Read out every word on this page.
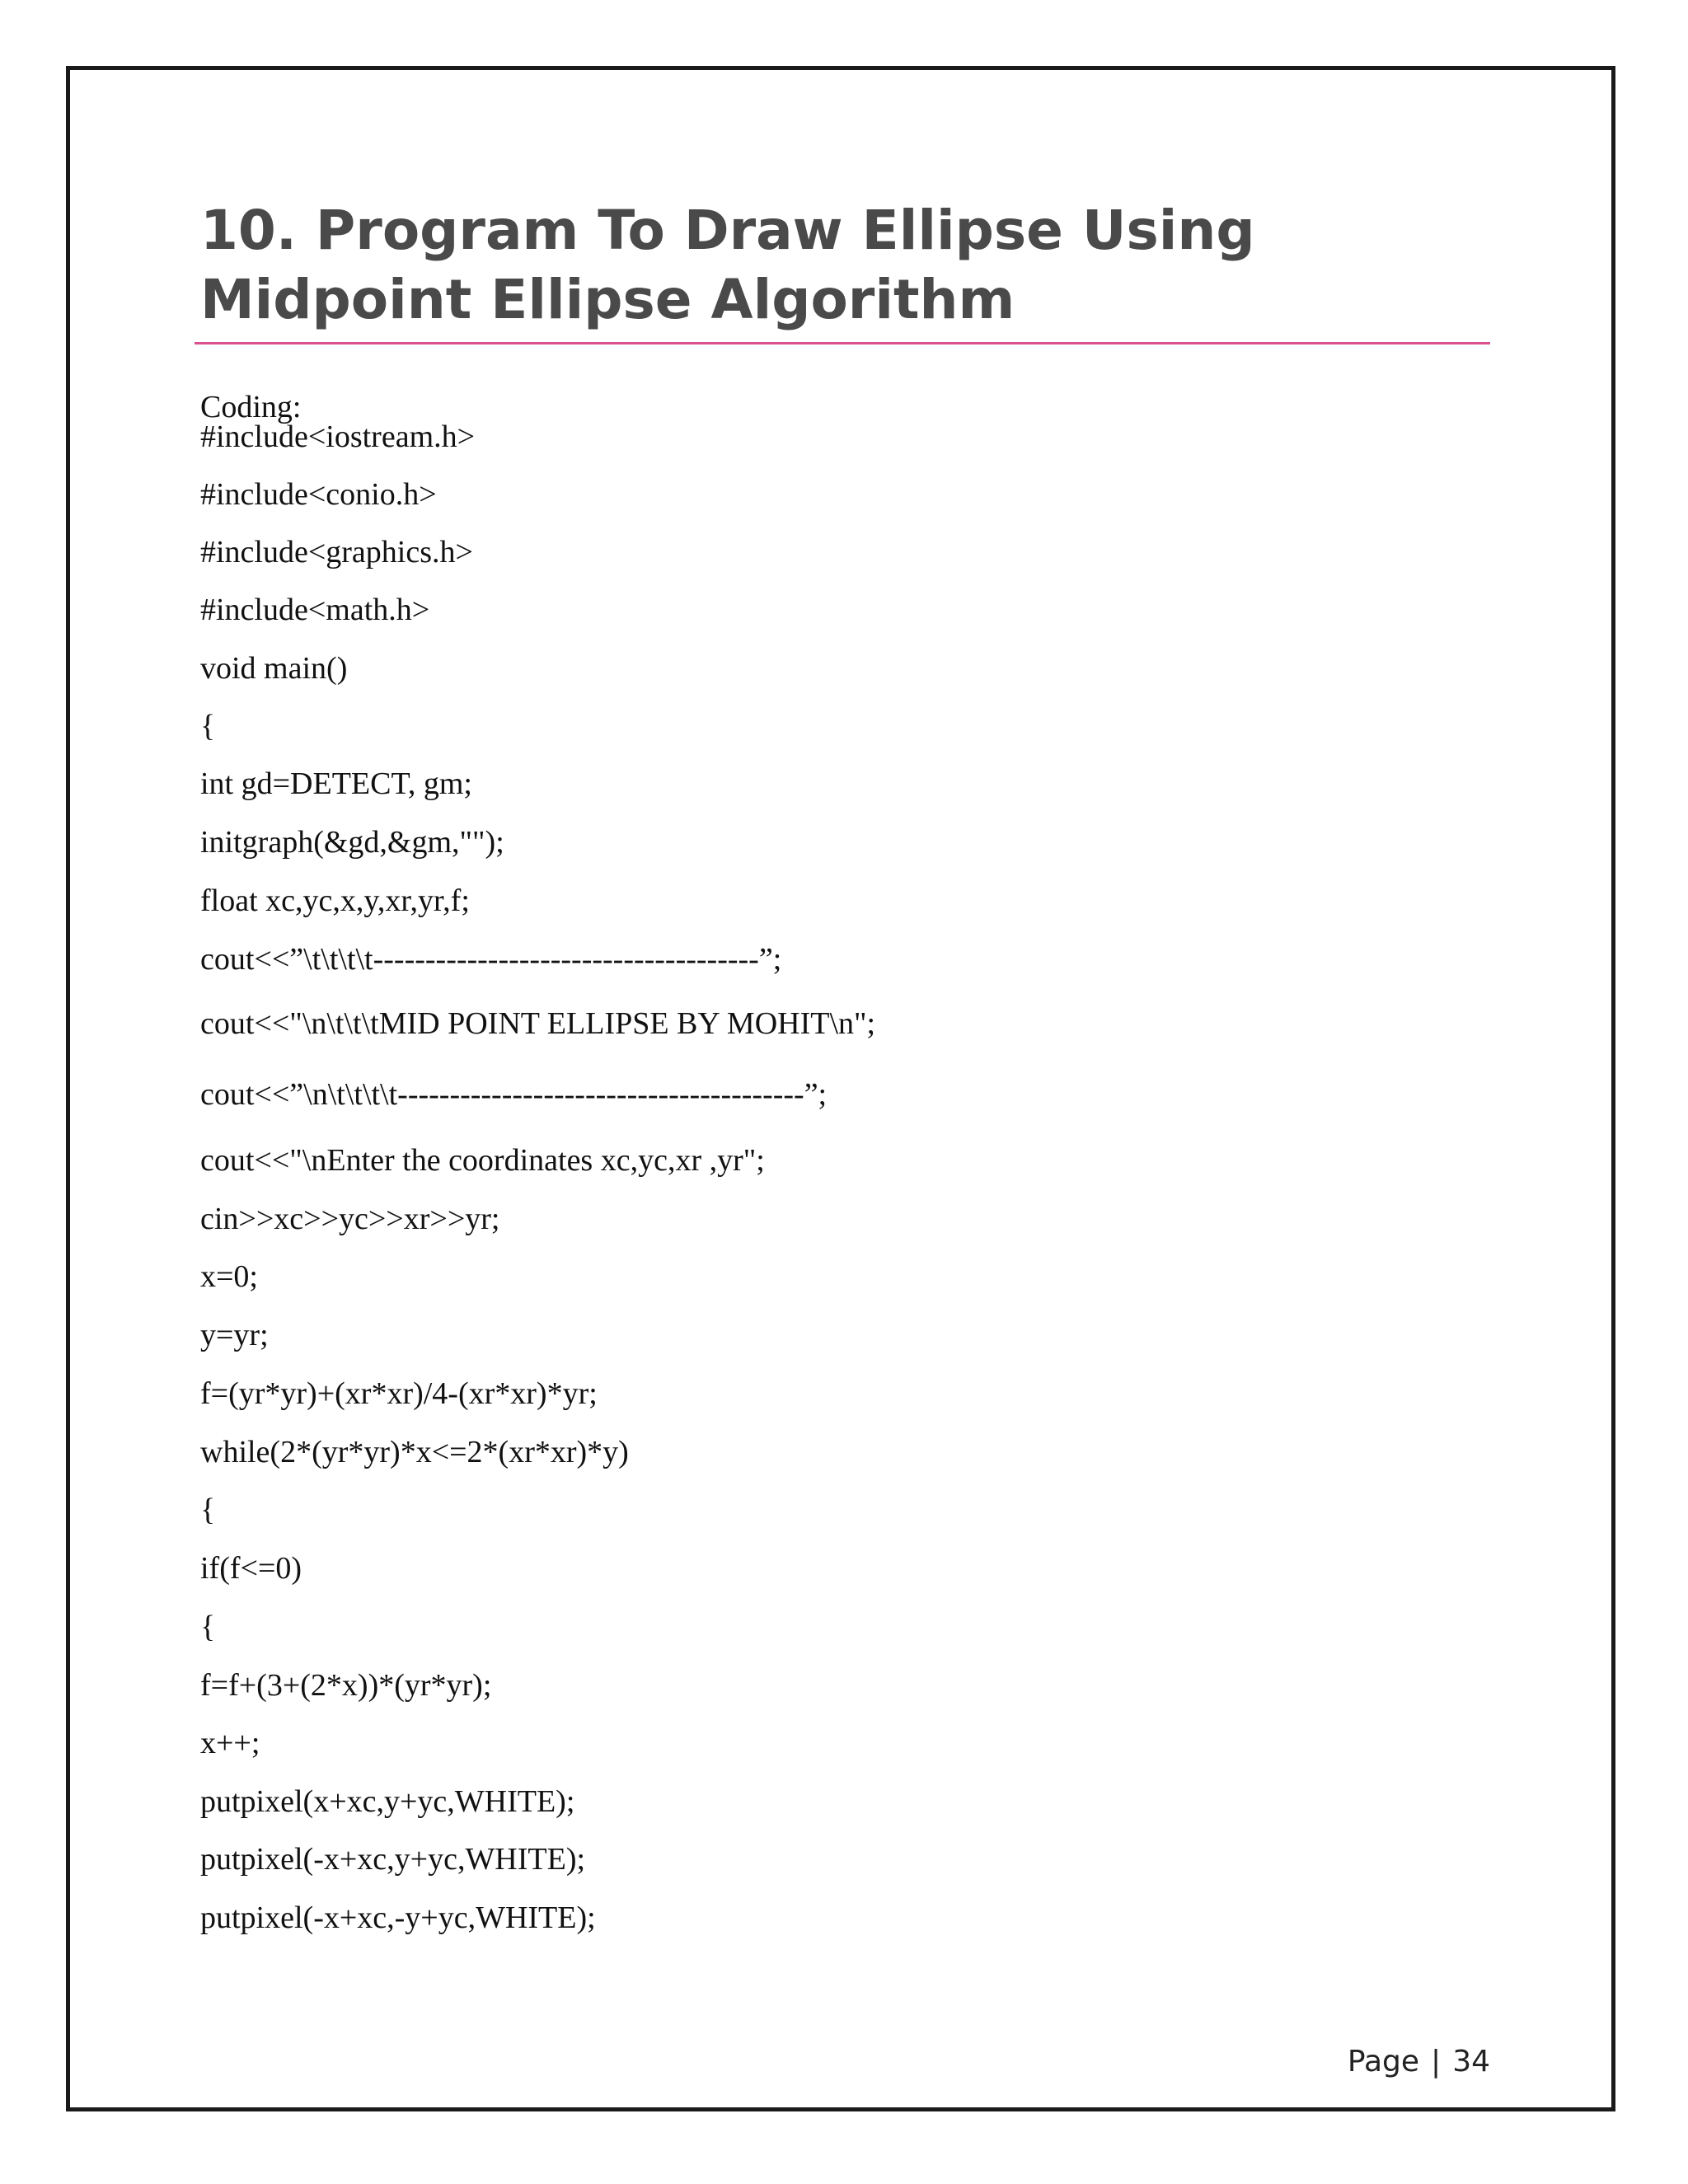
10. Program To Draw Ellipse Using Midpoint Ellipse Algorithm
Coding:
#include<iostream.h>
#include<conio.h>
#include<graphics.h>
#include<math.h>
void main()
{
int gd=DETECT, gm;
initgraph(&gd,&gm,"");
float xc,yc,x,y,xr,yr,f;
cout<<”\t\t\t\t-------------------------------------”;
cout<<"\n\t\t\tMID POINT ELLIPSE BY MOHIT\n";
cout<<”\n\t\t\t\t---------------------------------------”;
cout<<"\nEnter the coordinates xc,yc,xr ,yr";
cin>>xc>>yc>>xr>>yr;
x=0;
y=yr;
f=(yr*yr)+(xr*xr)/4-(xr*xr)*yr;
while(2*(yr*yr)*x<=2*(xr*xr)*y)
{
if(f<=0)
{
f=f+(3+(2*x))*(yr*yr);
x++;
putpixel(x+xc,y+yc,WHITE);
putpixel(-x+xc,y+yc,WHITE);
putpixel(-x+xc,-y+yc,WHITE);

Page | 34
